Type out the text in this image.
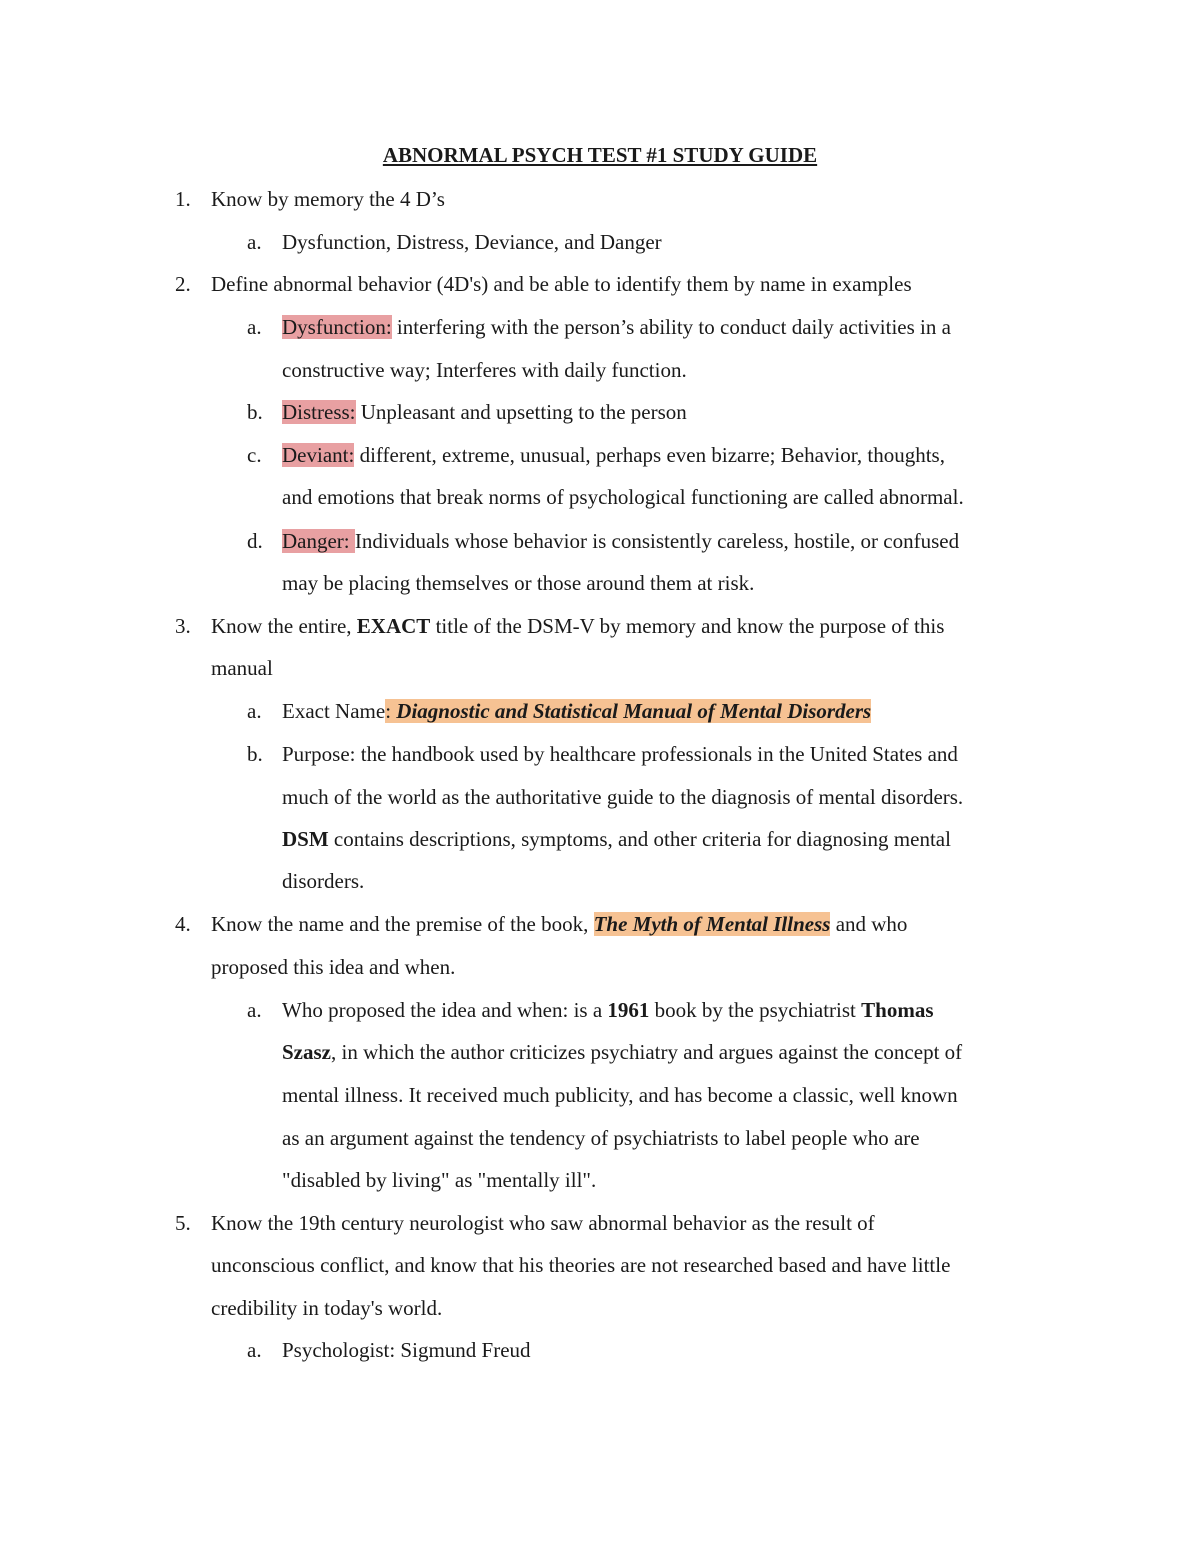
ABNORMAL PSYCH TEST #1 STUDY GUIDE
1. Know by memory the 4 D’s
a. Dysfunction, Distress, Deviance, and Danger
2. Define abnormal behavior (4D's) and be able to identify them by name in examples
a. Dysfunction: interfering with the person’s ability to conduct daily activities in a
constructive way; Interferes with daily function.
b. Distress: Unpleasant and upsetting to the person
c. Deviant: different, extreme, unusual, perhaps even bizarre; Behavior, thoughts,
and emotions that break norms of psychological functioning are called abnormal.
d. Danger: Individuals whose behavior is consistently careless, hostile, or confused
may be placing themselves or those around them at risk.
3. Know the entire, EXACT title of the DSM-V by memory and know the purpose of this
manual
a. Exact Name: Diagnostic and Statistical Manual of Mental Disorders
b. Purpose: the handbook used by healthcare professionals in the United States and
much of the world as the authoritative guide to the diagnosis of mental disorders.
DSM contains descriptions, symptoms, and other criteria for diagnosing mental
disorders.
4. Know the name and the premise of the book, The Myth of Mental Illness and who
proposed this idea and when.
a. Who proposed the idea and when: is a 1961 book by the psychiatrist Thomas
Szasz, in which the author criticizes psychiatry and argues against the concept of
mental illness. It received much publicity, and has become a classic, well known
as an argument against the tendency of psychiatrists to label people who are
"disabled by living" as "mentally ill".
5. Know the 19th century neurologist who saw abnormal behavior as the result of
unconscious conflict, and know that his theories are not researched based and have little
credibility in today's world.
a. Psychologist: Sigmund Freud
